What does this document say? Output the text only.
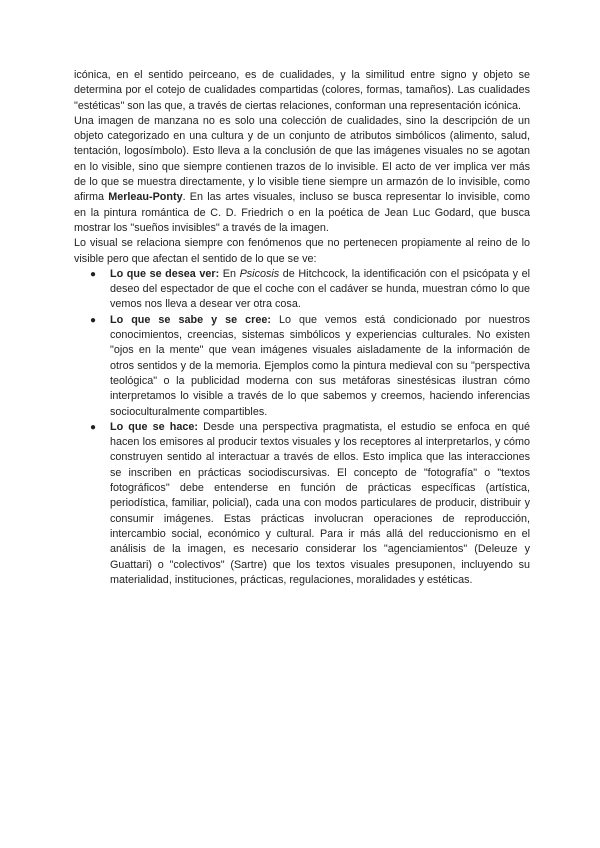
icónica, en el sentido peirceano, es de cualidades, y la similitud entre signo y objeto se determina por el cotejo de cualidades compartidas (colores, formas, tamaños). Las cualidades "estéticas" son las que, a través de ciertas relaciones, conforman una representación icónica.

Una imagen de manzana no es solo una colección de cualidades, sino la descripción de un objeto categorizado en una cultura y de un conjunto de atributos simbólicos (alimento, salud, tentación, logosímbolo). Esto lleva a la conclusión de que las imágenes visuales no se agotan en lo visible, sino que siempre contienen trazos de lo invisible. El acto de ver implica ver más de lo que se muestra directamente, y lo visible tiene siempre un armazón de lo invisible, como afirma Merleau-Ponty. En las artes visuales, incluso se busca representar lo invisible, como en la pintura romántica de C. D. Friedrich o en la poética de Jean Luc Godard, que busca mostrar los "sueños invisibles" a través de la imagen.

Lo visual se relaciona siempre con fenómenos que no pertenecen propiamente al reino de lo visible pero que afectan el sentido de lo que se ve:

● Lo que se desea ver: En Psicosis de Hitchcock, la identificación con el psicópata y el deseo del espectador de que el coche con el cadáver se hunda, muestran cómo lo que vemos nos lleva a desear ver otra cosa.
● Lo que se sabe y se cree: Lo que vemos está condicionado por nuestros conocimientos, creencias, sistemas simbólicos y experiencias culturales. No existen "ojos en la mente" que vean imágenes visuales aisladamente de la información de otros sentidos y de la memoria. Ejemplos como la pintura medieval con su "perspectiva teológica" o la publicidad moderna con sus metáforas sinestésicas ilustran cómo interpretamos lo visible a través de lo que sabemos y creemos, haciendo inferencias socioculturalmente compartibles.
● Lo que se hace: Desde una perspectiva pragmatista, el estudio se enfoca en qué hacen los emisores al producir textos visuales y los receptores al interpretarlos, y cómo construyen sentido al interactuar a través de ellos. Esto implica que las interacciones se inscriben en prácticas sociodiscursivas. El concepto de "fotografía" o "textos fotográficos" debe entenderse en función de prácticas específicas (artística, periodística, familiar, policial), cada una con modos particulares de producir, distribuir y consumir imágenes. Estas prácticas involucran operaciones de reproducción, intercambio social, económico y cultural. Para ir más allá del reduccionismo en el análisis de la imagen, es necesario considerar los "agenciamientos" (Deleuze y Guattari) o "colectivos" (Sartre) que los textos visuales presuponen, incluyendo su materialidad, instituciones, prácticas, regulaciones, moralidades y estéticas.
